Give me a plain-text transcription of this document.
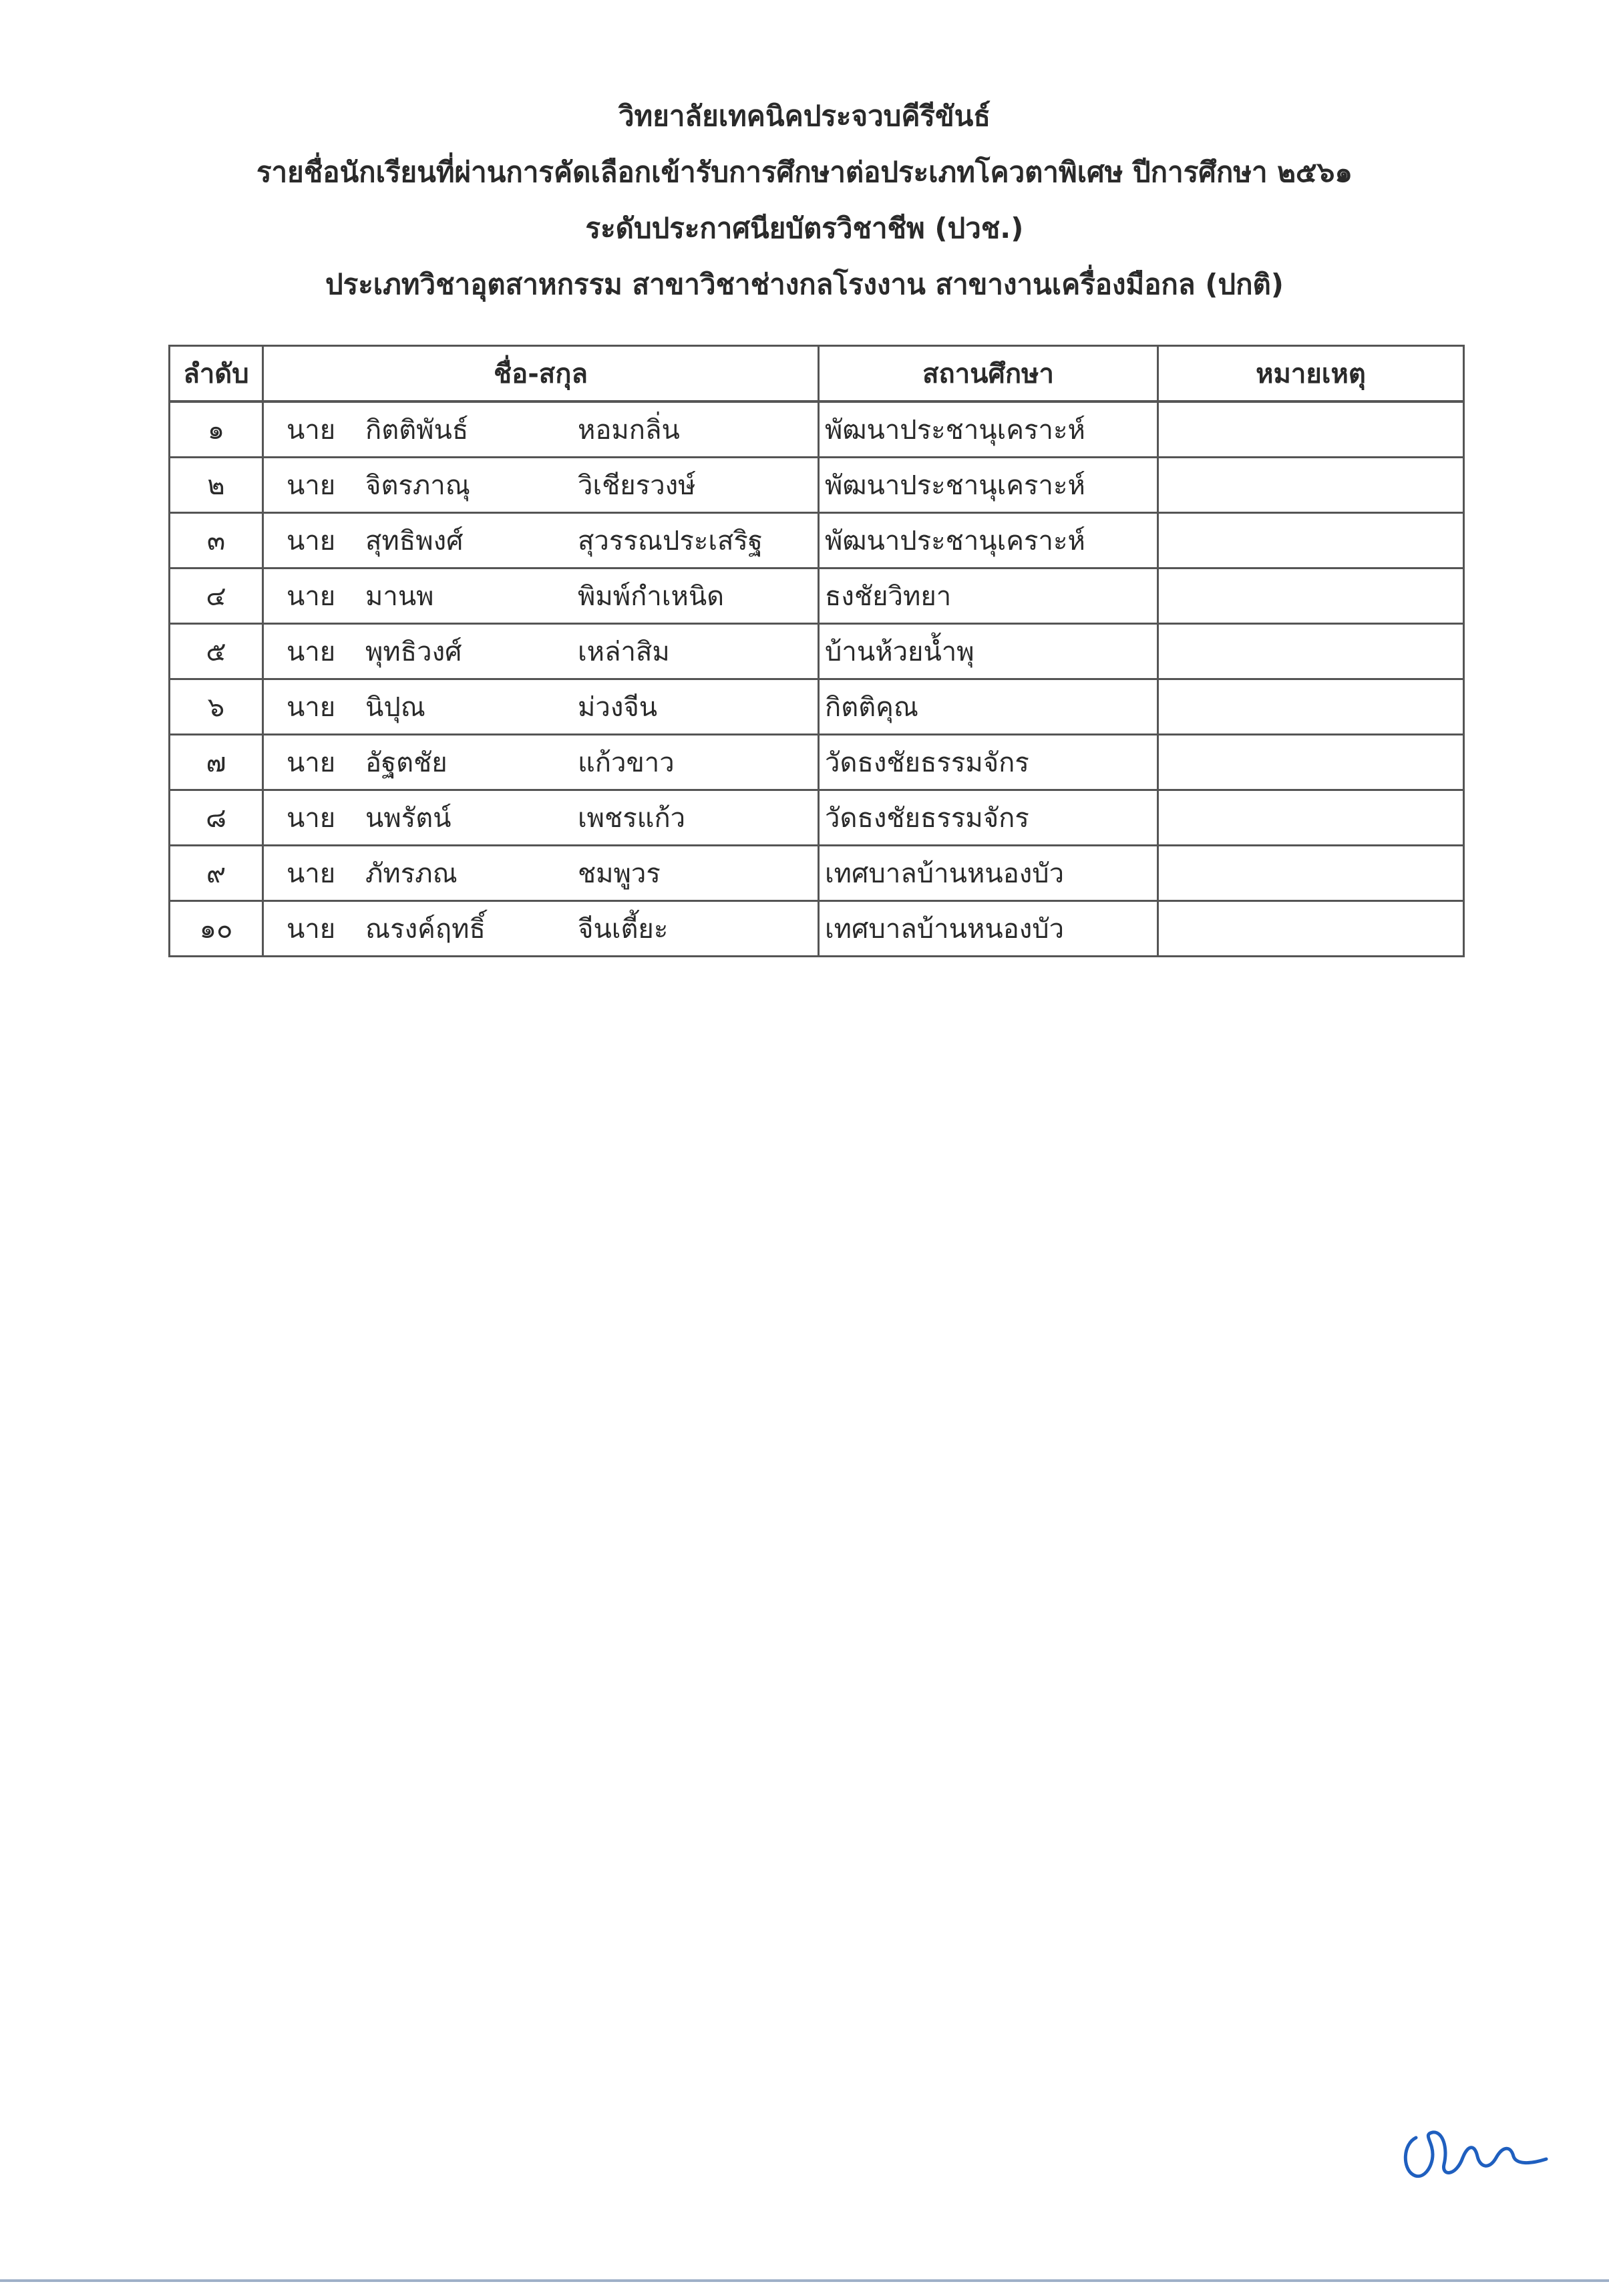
วิทยาลัยเทคนิคประจวบคีรีขันธ์
รายชื่อนักเรียนที่ผ่านการคัดเลือกเข้ารับการศึกษาต่อประเภทโควตาพิเศษ ปีการศึกษา ๒๕๖๑
ระดับประกาศนียบัตรวิชาชีพ (ปวช.)
ประเภทวิชาอุตสาหกรรม สาขาวิชาช่างกลโรงงาน สาขางานเครื่องมือกล (ปกติ)
ลำดับ	ชื่อ-สกุล	สถานศึกษา	หมายเหตุ
๑	นาย กิตติพันธ์ หอมกลิ่น	พัฒนาประชานุเคราะห์	
๒	นาย จิตรภาณุ วิเชียรวงษ์	พัฒนาประชานุเคราะห์	
๓	นาย สุทธิพงศ์ สุวรรณประเสริฐ	พัฒนาประชานุเคราะห์	
๔	นาย มานพ พิมพ์กำเหนิด	ธงชัยวิทยา	
๕	นาย พุทธิวงศ์ เหล่าสิม	บ้านห้วยน้ำพุ	
๖	นาย นิปุณ ม่วงจีน	กิตติคุณ	
๗	นาย อัฐตชัย แก้วขาว	วัดธงชัยธรรมจักร	
๘	นาย นพรัตน์ เพชรแก้ว	วัดธงชัยธรรมจักร	
๙	นาย ภัทรภณ ชมพูวร	เทศบาลบ้านหนองบัว	
๑๐	นาย ณรงค์ฤทธิ์ จีนเตี้ยะ	เทศบาลบ้านหนองบัว	
